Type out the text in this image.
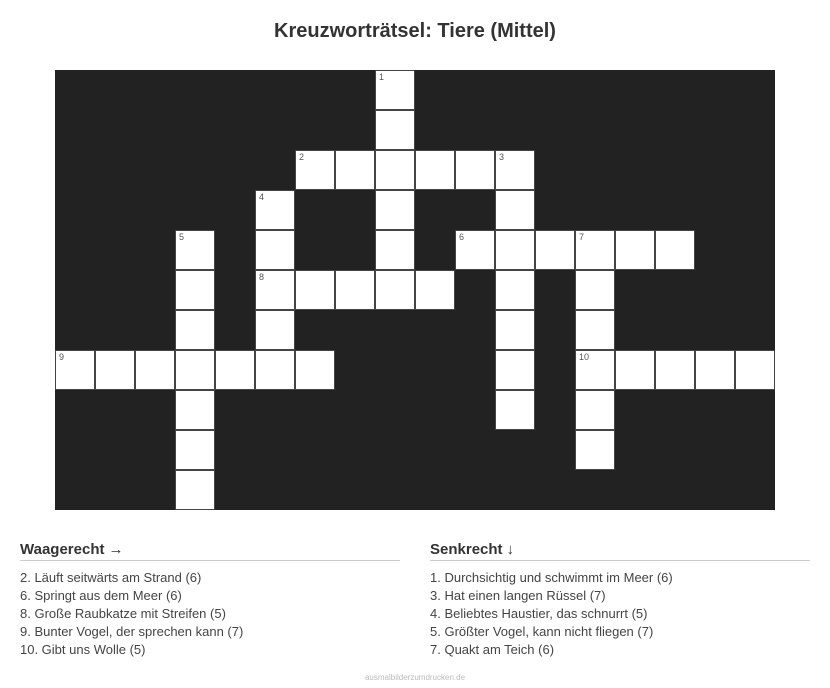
Kreuzworträtsel: Tiere (Mittel)
1
2	3
4
5	6	7
8
9	10
Waagerecht →
2. Läuft seitwärts am Strand (6)
6. Springt aus dem Meer (6)
8. Große Raubkatze mit Streifen (5)
9. Bunter Vogel, der sprechen kann (7)
10. Gibt uns Wolle (5)
Senkrecht ↓
1. Durchsichtig und schwimmt im Meer (6)
3. Hat einen langen Rüssel (7)
4. Beliebtes Haustier, das schnurrt (5)
5. Größter Vogel, kann nicht fliegen (7)
7. Quakt am Teich (6)
ausmalbilderzumdrucken.de
